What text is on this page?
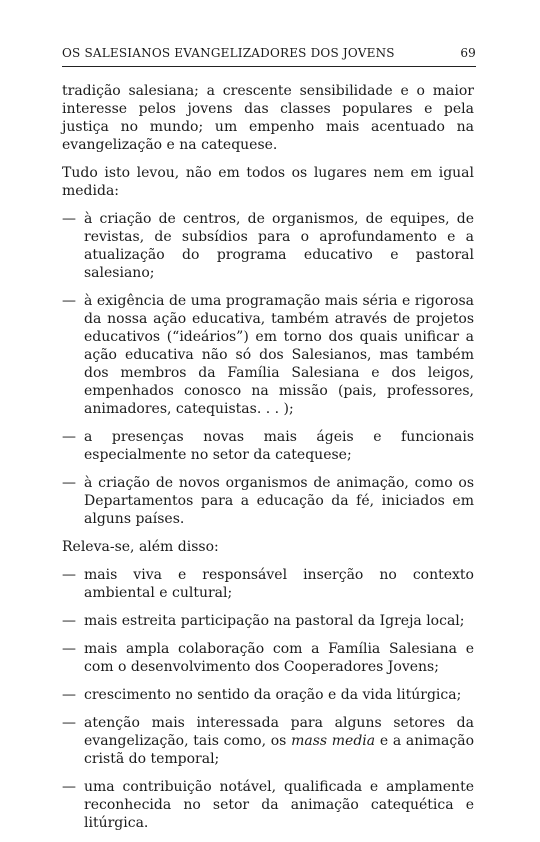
OS SALESIANOS EVANGELIZADORES DOS JOVENS	69

tradição salesiana; a crescente sensibilidade e o maior interesse pelos jovens das classes populares e pela justiça no mundo; um empenho mais acentuado na evangelização e na catequese.

Tudo isto levou, não em todos os lugares nem em igual medida:

— à criação de centros, de organismos, de equipes, de revistas, de subsídios para o aprofundamento e a atualização do programa educativo e pastoral salesiano;
— à exigência de uma programação mais séria e rigorosa da nossa ação educativa, também através de projetos educativos (“ideários”) em torno dos quais unificar a ação educativa não só dos Salesianos, mas também dos membros da Família Salesiana e dos leigos, empenhados conosco na missão (pais, professores, animadores, catequistas. . . );
— a presenças novas mais ágeis e funcionais especialmente no setor da catequese;
— à criação de novos organismos de animação, como os Departamentos para a educação da fé, iniciados em alguns países.

Releva-se, além disso:

— mais viva e responsável inserção no contexto ambiental e cultural;
— mais estreita participação na pastoral da Igreja local;
— mais ampla colaboração com a Família Salesiana e com o desenvolvimento dos Cooperadores Jovens;
— crescimento no sentido da oração e da vida litúrgica;
— atenção mais interessada para alguns setores da evangelização, tais como, os mass media e a animação cristã do temporal;
— uma contribuição notável, qualificada e amplamente reconhecida no setor da animação catequética e litúrgica.
